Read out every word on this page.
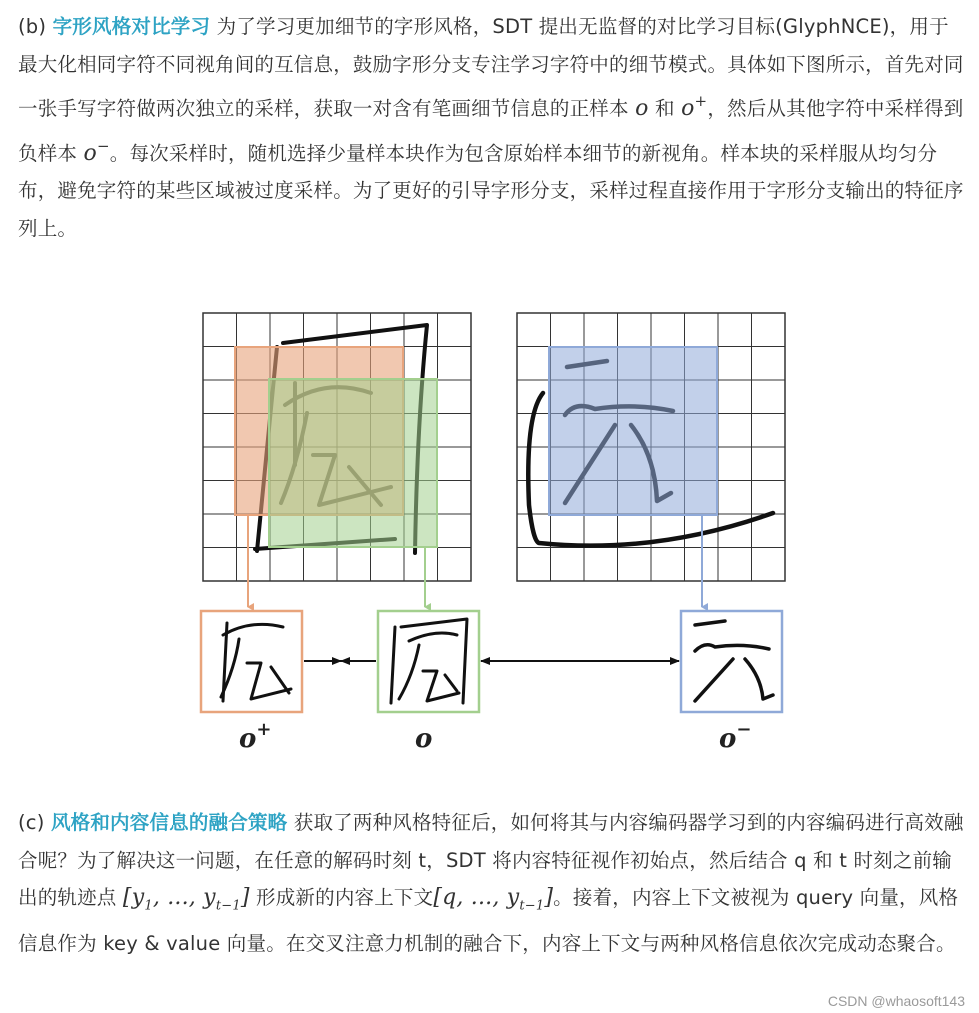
(b) 字形风格对比学习 为了学习更加细节的字形风格，SDT 提出无监督的对比学习目标(GlyphNCE)，用于最大化相同字符不同视角间的互信息，鼓励字形分支专注学习字符中的细节模式。具体如下图所示，首先对同一张手写字符做两次独立的采样，获取一对含有笔画细节信息的正样本 o 和 o+，然后从其他字符中采样得到负样本 o−。每次采样时，随机选择少量样本块作为包含原始样本细节的新视角。样本块的采样服从均匀分布，避免字符的某些区域被过度采样。为了更好的引导字形分支，采样过程直接作用于字形分支输出的特征序列上。
o+	o	o−
(c) 风格和内容信息的融合策略 获取了两种风格特征后，如何将其与内容编码器学习到的内容编码进行高效融合呢？为了解决这一问题，在任意的解码时刻 t，SDT 将内容特征视作初始点，然后结合 q 和 t 时刻之前输出的轨迹点 [$y_1$, ..., $y_{t-1}$] 形成新的内容上下文[q, ..., $y_{t-1}$]。接着，内容上下文被视为 query 向量，风格信息作为 key & value 向量。在交叉注意力机制的融合下，内容上下文与两种风格信息依次完成动态聚合。
CSDN @whaosoft143
